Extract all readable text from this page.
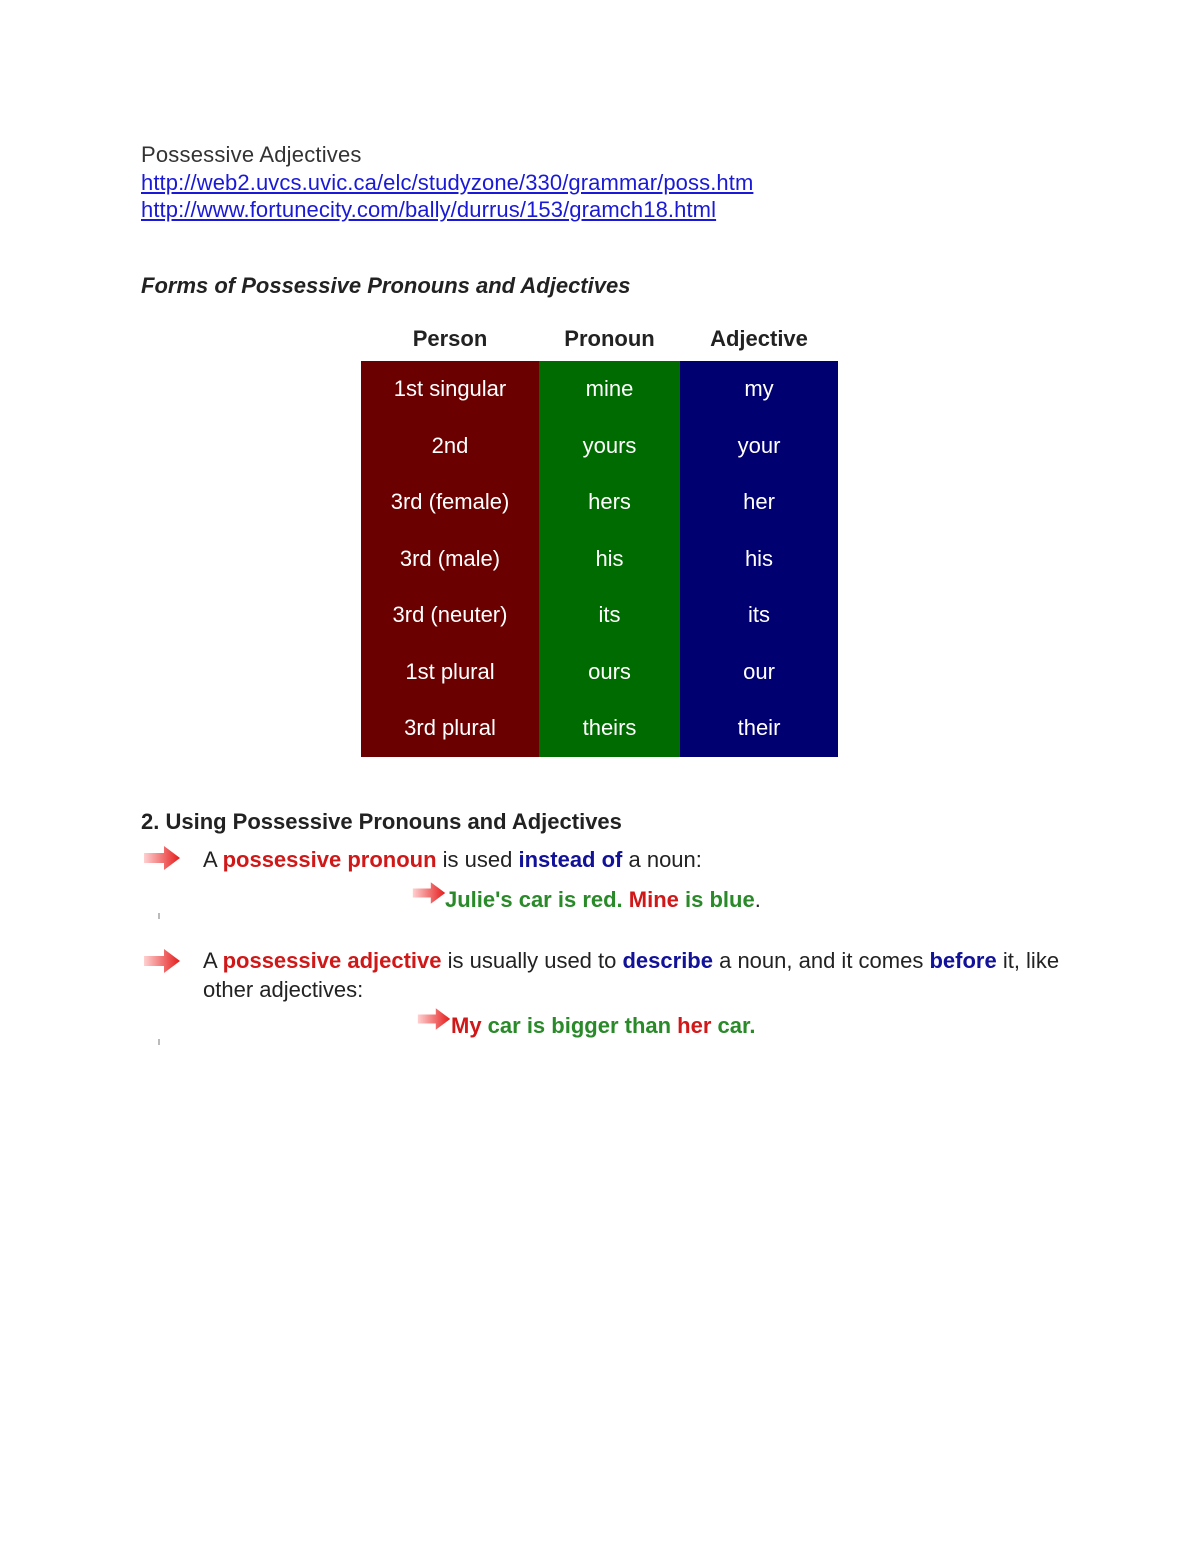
Possessive Adjectives
http://web2.uvcs.uvic.ca/elc/studyzone/330/grammar/poss.htm
http://www.fortunecity.com/bally/durrus/153/gramch18.html
Forms of Possessive Pronouns and Adjectives
Person	Pronoun	Adjective
1st singular	mine	my
2nd	yours	your
3rd (female)	hers	her
3rd (male)	his	his
3rd (neuter)	its	its
1st plural	ours	our
3rd plural	theirs	their
2. Using Possessive Pronouns and Adjectives
A possessive pronoun is used instead of a noun:
Julie's car is red. Mine is blue.
A possessive adjective is usually used to describe a noun, and it comes before it, like other adjectives:
My car is bigger than her car.
